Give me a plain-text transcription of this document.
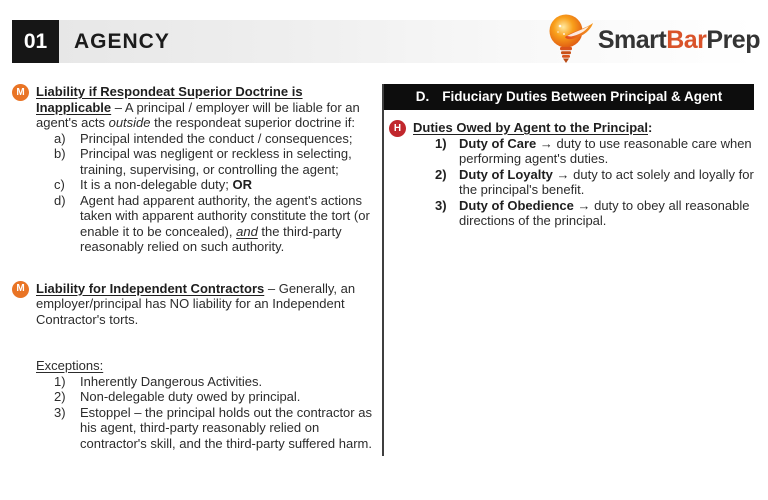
01	AGENCY	SmartBarPrep
M Liability if Respondeat Superior Doctrine is Inapplicable – A principal / employer will be liable for an agent's acts outside the respondeat superior doctrine if:
a)	Principal intended the conduct / consequences;
b)	Principal was negligent or reckless in selecting, training, supervising, or controlling the agent;
c)	It is a non-delegable duty; OR
d)	Agent had apparent authority, the agent's actions taken with apparent authority constitute the tort (or enable it to be concealed), and the third-party reasonably relied on such authority.
M Liability for Independent Contractors – Generally, an employer/principal has NO liability for an Independent Contractor's torts.
Exceptions:
1)	Inherently Dangerous Activities.
2)	Non-delegable duty owed by principal.
3)	Estoppel – the principal holds out the contractor as his agent, third-party reasonably relied on contractor's skill, and the third-party suffered harm.
D. Fiduciary Duties Between Principal & Agent
H Duties Owed by Agent to the Principal:
1) Duty of Care → duty to use reasonable care when performing agent's duties.
2) Duty of Loyalty → duty to act solely and loyally for the principal's benefit.
3) Duty of Obedience → duty to obey all reasonable directions of the principal.
